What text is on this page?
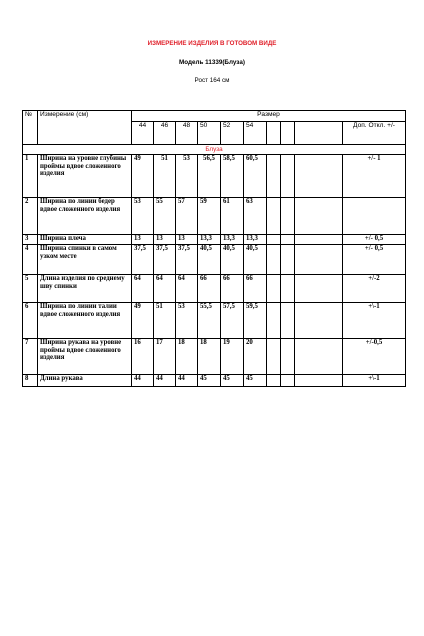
ИЗМЕРЕНИЕ ИЗДЕЛИЯ В ГОТОВОМ ВИДЕ
Модель 11339(Блуза)
Рост 164 см
№	Измерение (см)	Размер									
		44	46	48	50	52	54				Доп. Откл. +/-
Блуза											
1	Ширина на уровне глубины проймы вдвое сложенного изделия	49	51	53	56,5	58,5	60,5				+/- 1
2	Ширина по линии бедер вдвое сложенного изделия	53	55	57	59	61	63				
3	Ширина плеча	13	13	13	13,3	13,3	13,3				+/- 0,5
4	Ширина спинки в самом узком месте	37,5	37,5	37,5	40,5	40,5	40,5				+/- 0,5
5	Длина изделия по среднему шву спинки	64	64	64	66	66	66				+/-2
6	Ширина по линии талии вдвое сложенного изделия	49	51	53	55,5	57,5	59,5				+\-1
7	Ширина рукава на уровне проймы вдвое сложенного изделия	16	17	18	18	19	20				+/-0,5
8	Длина рукава	44	44	44	45	45	45				+\-1
